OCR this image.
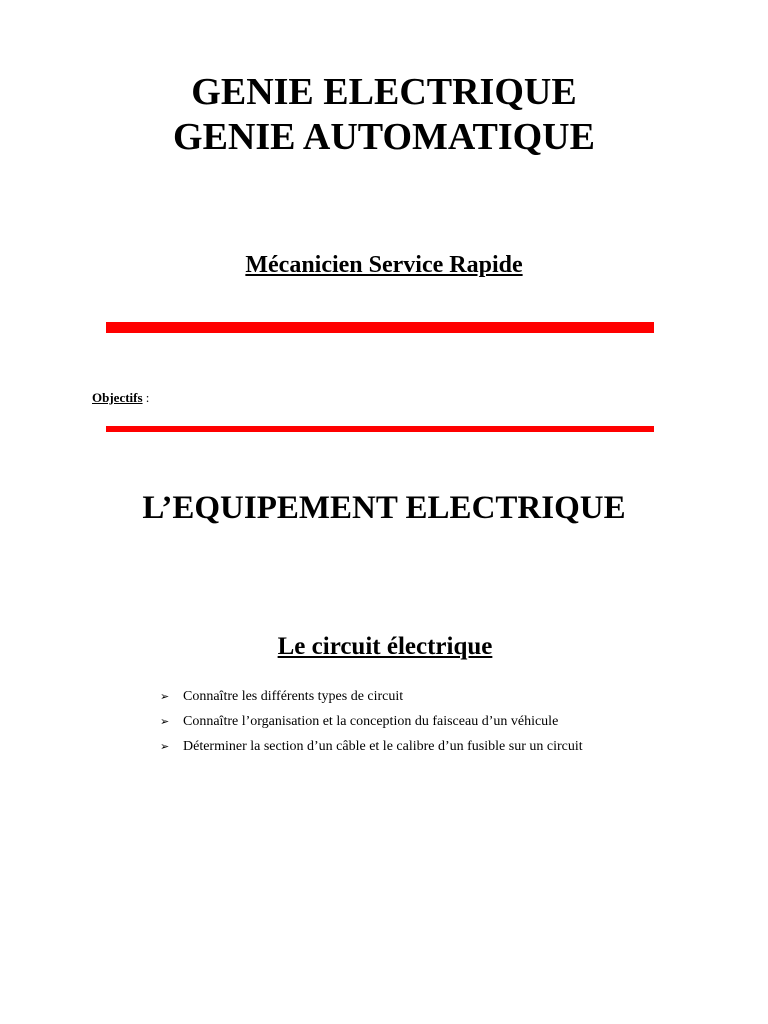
GENIE ELECTRIQUE
GENIE AUTOMATIQUE
Mécanicien Service Rapide
Objectifs :
L’EQUIPEMENT ELECTRIQUE
Le circuit électrique
➢ Connaître les différents types de circuit
➢ Connaître l’organisation et la conception du faisceau d’un véhicule
➢ Déterminer la section d’un câble et le calibre d’un fusible sur un circuit
